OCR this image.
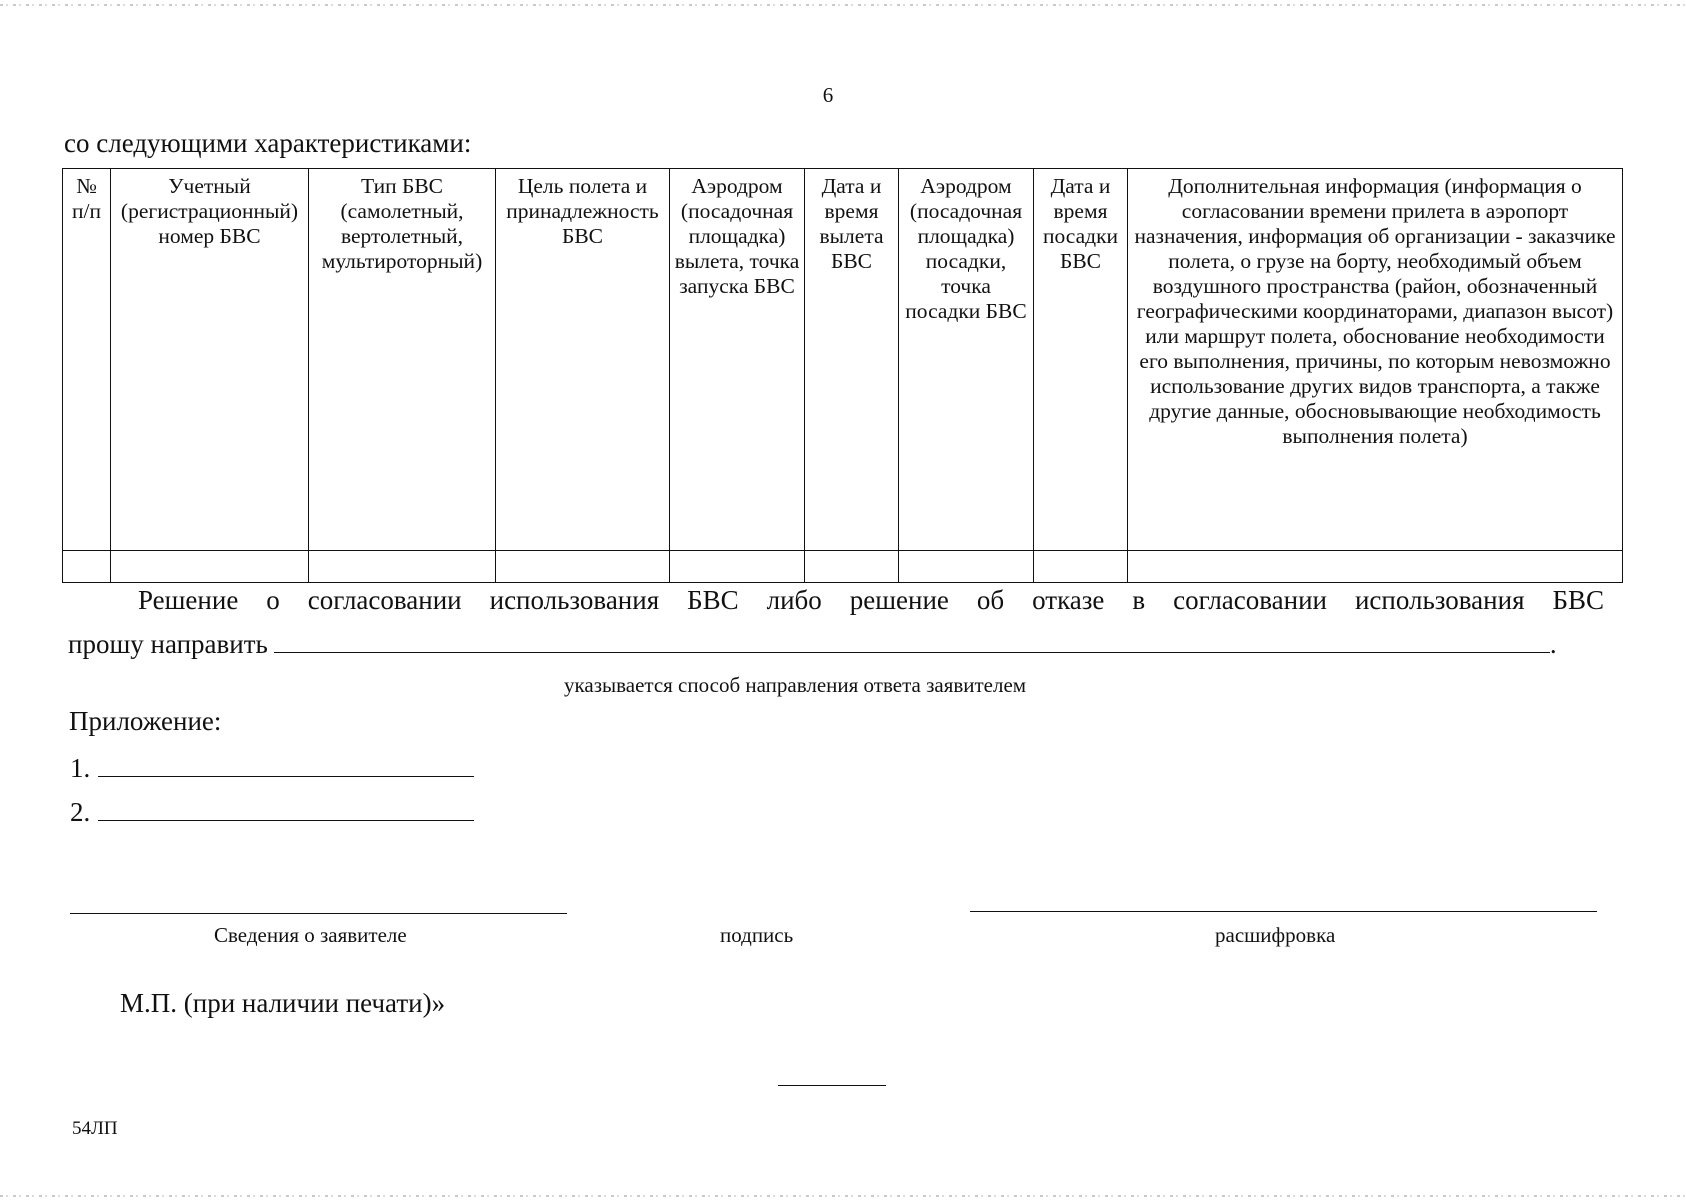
6
со следующими характеристиками:
№ п/п	Учетный (регистрационный) номер БВС	Тип БВС (самолетный, вертолетный, мультироторный)	Цель полета и принадлежность БВС	Аэродром (посадочная площадка) вылета, точка запуска БВС	Дата и время вылета БВС	Аэродром (посадочная площадка) посадки, точка посадки БВС	Дата и время посадки БВС	Дополнительная информация (информация о согласовании времени прилета в аэропорт назначения, информация об организации - заказчике полета, о грузе на борту, необходимый объем воздушного пространства (район, обозначенный географическими координаторами, диапазон высот) или маршрут полета, обоснование необходимости его выполнения, причины, по которым невозможно использование других видов транспорта, а также другие данные, обосновывающие необходимость выполнения полета)

Решение о согласовании использования БВС либо решение об отказе в согласовании использования БВС
прошу направить	.
указывается способ направления ответа заявителем
Приложение:
1.
2.
Сведения о заявителе	подпись	расшифровка
М.П. (при наличии печати)»
54ЛП
